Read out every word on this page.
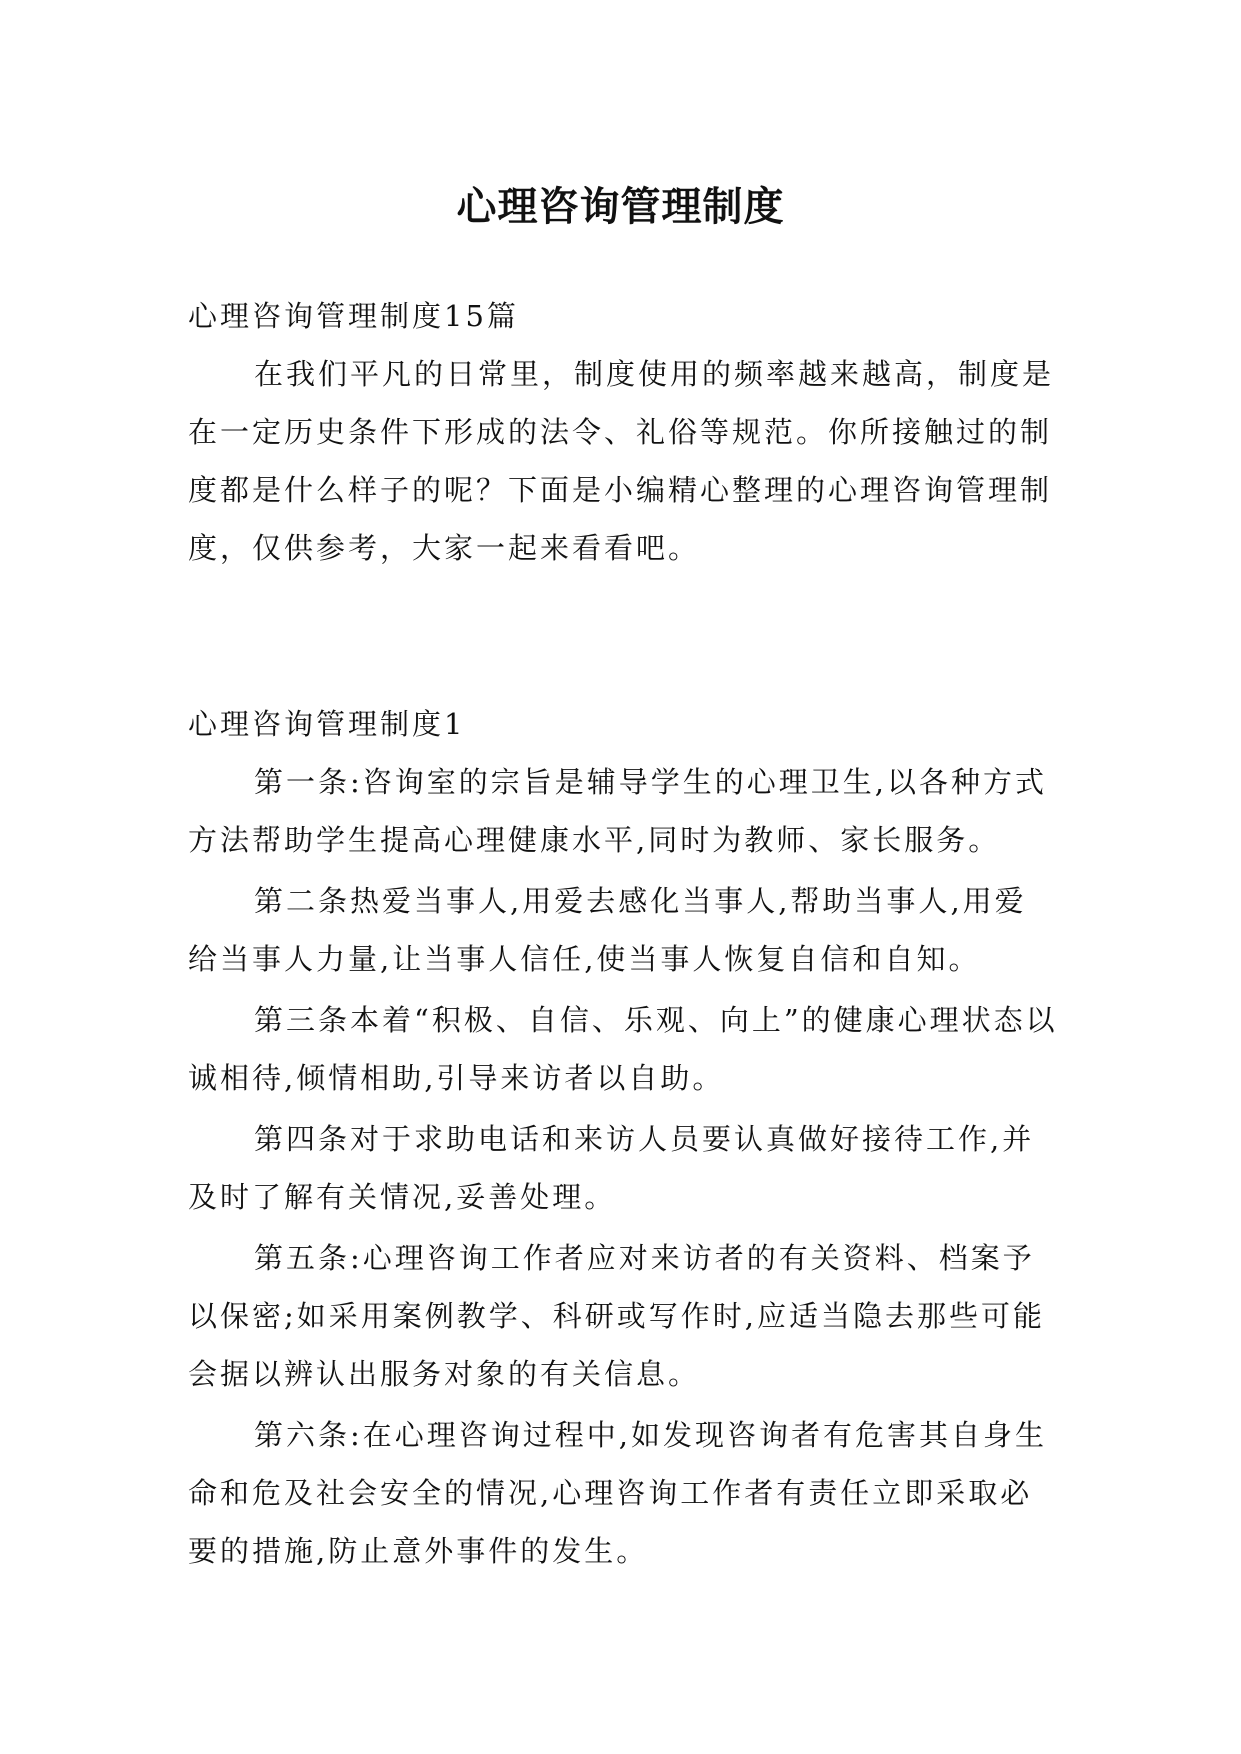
心理咨询管理制度

心理咨询管理制度15篇

在我们平凡的日常里，制度使用的频率越来越高，制度是在一定历史条件下形成的法令、礼俗等规范。你所接触过的制度都是什么样子的呢？下面是小编精心整理的心理咨询管理制度，仅供参考，大家一起来看看吧。

心理咨询管理制度1

第一条:咨询室的宗旨是辅导学生的心理卫生,以各种方式方法帮助学生提高心理健康水平,同时为教师、家长服务。

第二条热爱当事人,用爱去感化当事人,帮助当事人,用爱给当事人力量,让当事人信任,使当事人恢复自信和自知。

第三条本着“积极、自信、乐观、向上”的健康心理状态以诚相待,倾情相助,引导来访者以自助。

第四条对于求助电话和来访人员要认真做好接待工作,并及时了解有关情况,妥善处理。

第五条:心理咨询工作者应对来访者的有关资料、档案予以保密;如采用案例教学、科研或写作时,应适当隐去那些可能会据以辨认出服务对象的有关信息。

第六条:在心理咨询过程中,如发现咨询者有危害其自身生命和危及社会安全的情况,心理咨询工作者有责任立即采取必要的措施,防止意外事件的发生。
